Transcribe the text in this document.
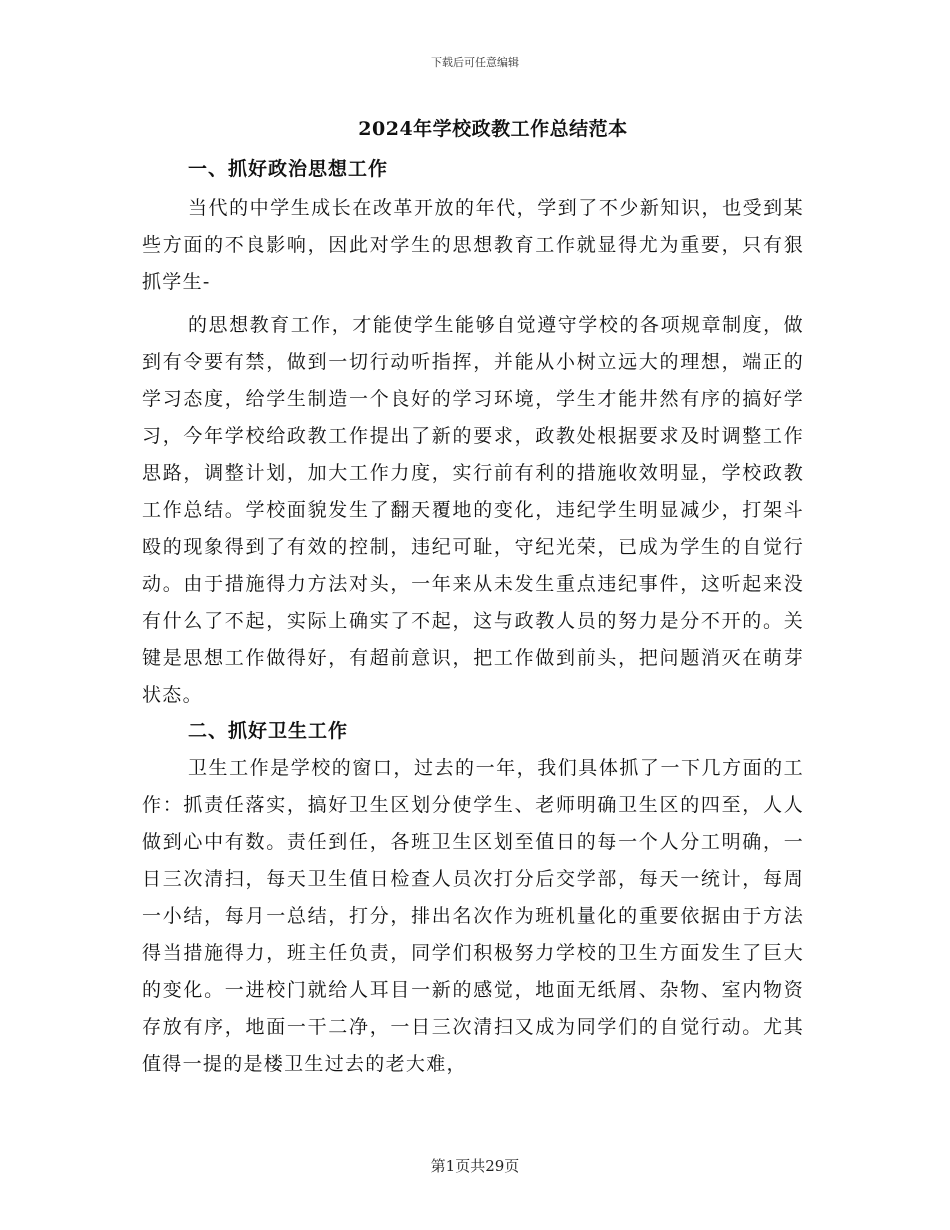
下载后可任意编辑
2024年学校政教工作总结范本
一、抓好政治思想工作

当代的中学生成长在改革开放的年代，学到了不少新知识，也受到某些方面的不良影响，因此对学生的思想教育工作就显得尤为重要，只有狠抓学生-

的思想教育工作，才能使学生能够自觉遵守学校的各项规章制度，做到有令要有禁，做到一切行动听指挥，并能从小树立远大的理想，端正的学习态度，给学生制造一个良好的学习环境，学生才能井然有序的搞好学习，今年学校给政教工作提出了新的要求，政教处根据要求及时调整工作思路，调整计划，加大工作力度，实行前有利的措施收效明显，学校政教工作总结。学校面貌发生了翻天覆地的变化，违纪学生明显减少，打架斗殴的现象得到了有效的控制，违纪可耻，守纪光荣，已成为学生的自觉行动。由于措施得力方法对头，一年来从未发生重点违纪事件，这听起来没有什么了不起，实际上确实了不起，这与政教人员的努力是分不开的。关键是思想工作做得好，有超前意识，把工作做到前头，把问题消灭在萌芽状态。

二、抓好卫生工作

卫生工作是学校的窗口，过去的一年，我们具体抓了一下几方面的工作：抓责任落实，搞好卫生区划分使学生、老师明确卫生区的四至，人人做到心中有数。责任到任，各班卫生区划至值日的每一个人分工明确，一日三次清扫，每天卫生值日检查人员次打分后交学部，每天一统计，每周一小结，每月一总结，打分，排出名次作为班机量化的重要依据由于方法得当措施得力，班主任负责，同学们积极努力学校的卫生方面发生了巨大的变化。一进校门就给人耳目一新的感觉，地面无纸屑、杂物、室内物资存放有序，地面一干二净，一日三次清扫又成为同学们的自觉行动。尤其值得一提的是楼卫生过去的老大难，

第1页共29页
